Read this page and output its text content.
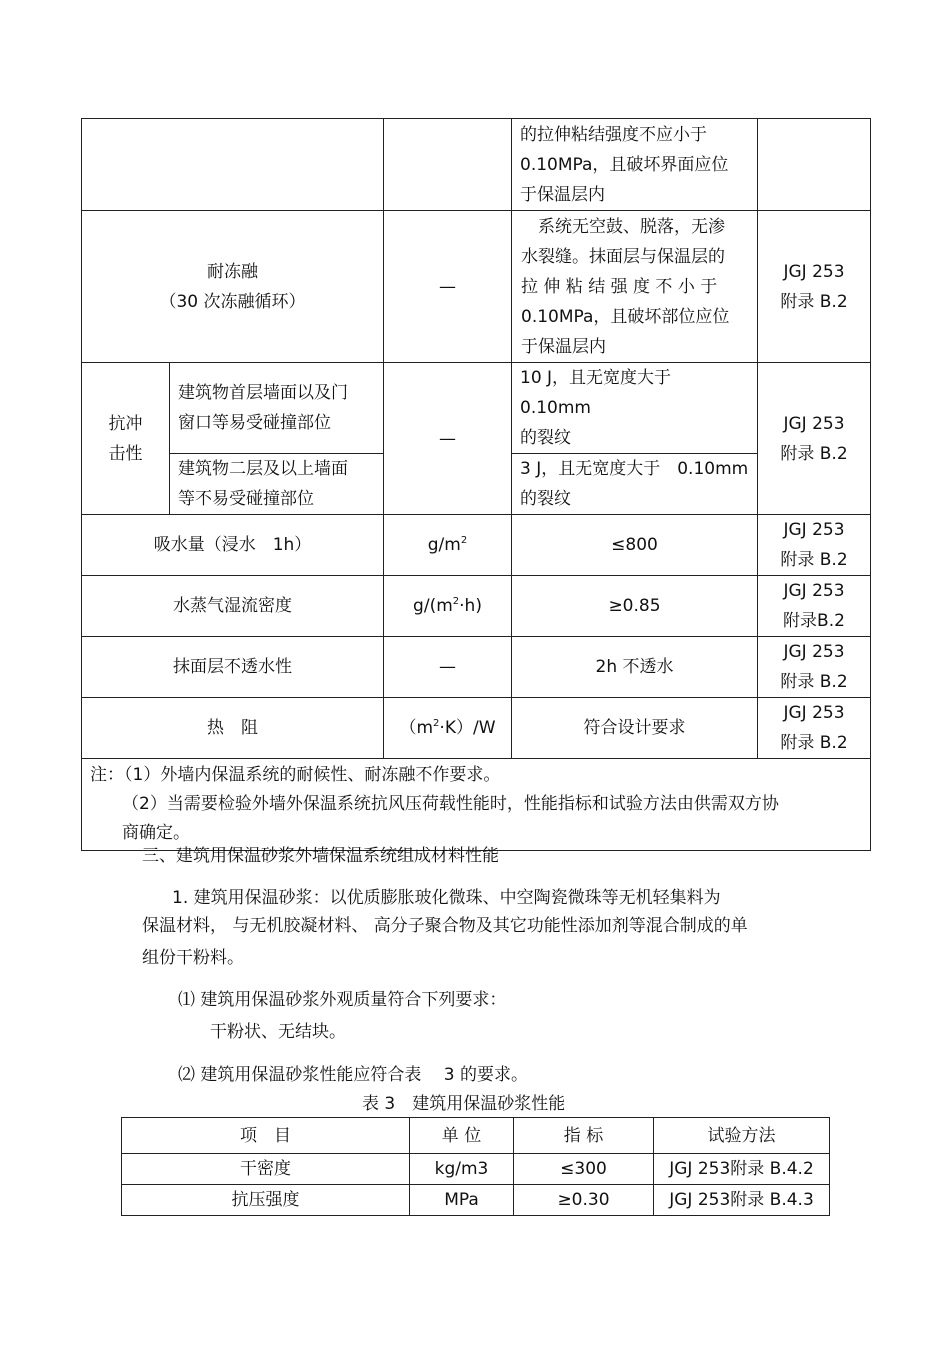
			的拉伸粘结强度不应小于
0.10MPa，且破坏界面应位
于保温层内	

耐冻融
（30 次冻融循环）		—	　系统无空鼓、脱落，无渗
水裂缝。抹面层与保温层的
拉 伸 粘 结 强 度 不 小 于
0.10MPa，且破坏部位应位
于保温层内	JGJ 253
附录 B.2

抗冲
击性	建筑物首层墙面以及门
窗口等易受碰撞部位	—	10 J，且无宽度大于　0.10mm
的裂纹	JGJ 253
附录 B.2

	建筑物二层及以上墙面
等不易受碰撞部位		3 J，且无宽度大于　0.10mm
的裂纹	

吸水量（浸水　1h）		$g/m^2$	≤800	JGJ 253
附录 B.2

水蒸气湿流密度		$g/(m^2\cdot h)$	≥0.85	JGJ 253
附录B.2

抹面层不透水性		—	2h 不透水	JGJ 253
附录 B.2

热　阻		$(m^2\cdot K)/W$	符合设计要求	JGJ 253
附录 B.2

注：（1）外墙内保温系统的耐候性、耐冻融不作要求。
（2）当需要检验外墙外保温系统抗风压荷载性能时，性能指标和试验方法由供需双方协
商确定。				
三、建筑用保温砂浆外墙保温系统组成材料性能
1. 建筑用保温砂浆：以优质膨胀玻化微珠、中空陶瓷微珠等无机轻集料为
保温材料， 与无机胶凝材料、 高分子聚合物及其它功能性添加剂等混合制成的单
组份干粉料。
⑴ 建筑用保温砂浆外观质量符合下列要求：
干粉状、无结块。
⑵ 建筑用保温砂浆性能应符合表　 3 的要求。
表 3　建筑用保温砂浆性能
项　目	单 位	指 标	试验方法
干密度	kg/m3	≤300	JGJ 253附录 B.4.2
抗压强度	MPa	≥0.30	JGJ 253附录 B.4.3
